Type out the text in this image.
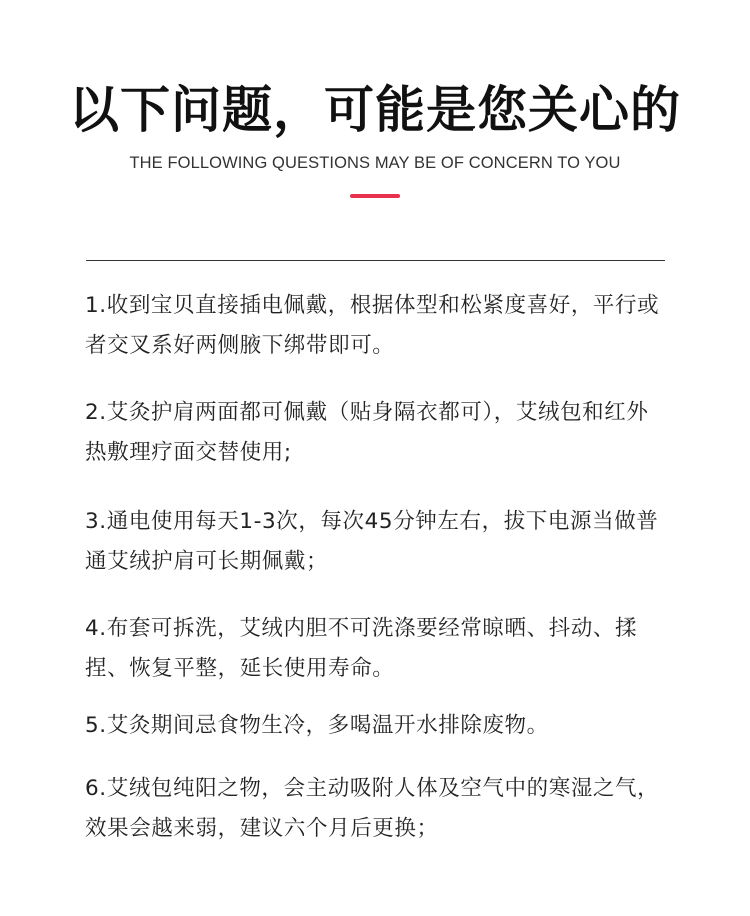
以下问题，可能是您关心的
THE FOLLOWING QUESTIONS MAY BE OF CONCERN TO YOU
1.收到宝贝直接插电佩戴，根据体型和松紧度喜好，平行或者交叉系好两侧腋下绑带即可。
2.艾灸护肩两面都可佩戴（贴身隔衣都可），艾绒包和红外热敷理疗面交替使用;
3.通电使用每天1-3次，每次45分钟左右，拔下电源当做普通艾绒护肩可长期佩戴；
4.布套可拆洗，艾绒内胆不可洗涤要经常晾晒、抖动、揉捏、恢复平整，延长使用寿命。
5.艾灸期间忌食物生冷，多喝温开水排除废物。
6.艾绒包纯阳之物，会主动吸附人体及空气中的寒湿之气，效果会越来弱，建议六个月后更换；
